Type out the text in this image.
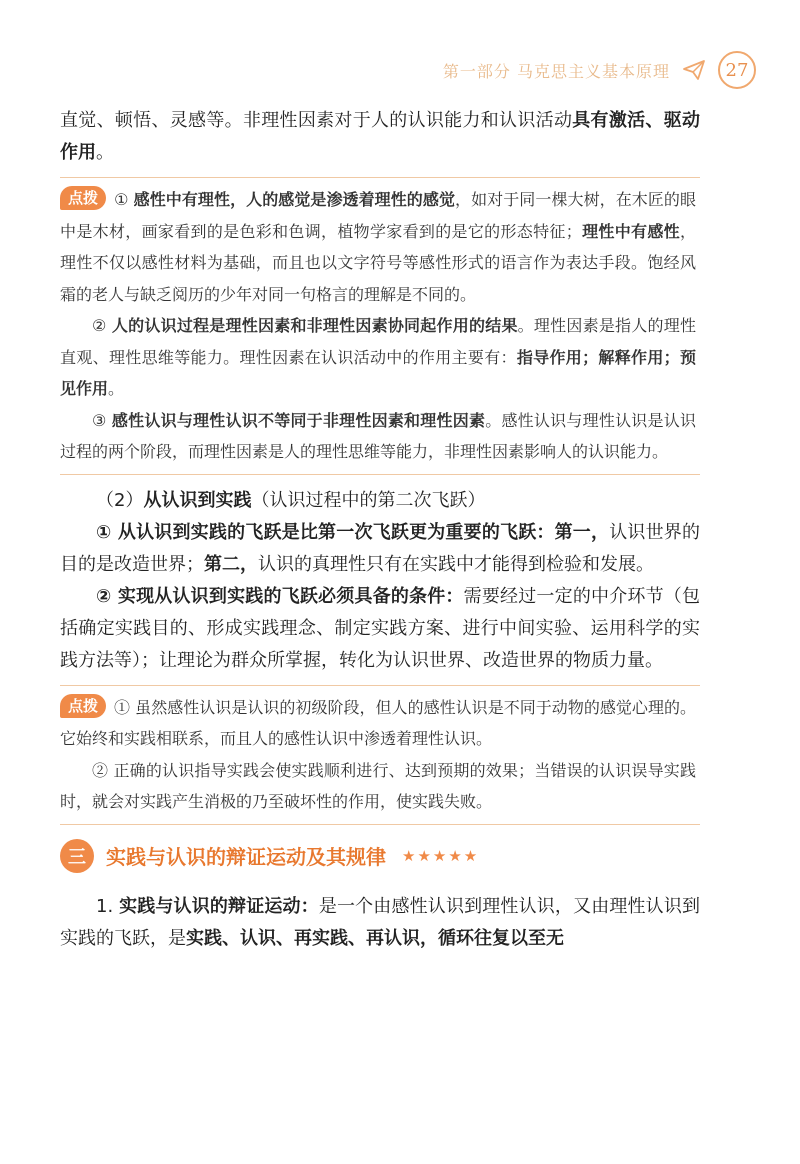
第一部分 马克思主义基本原理	27

直觉、顿悟、灵感等。非理性因素对于人的认识能力和认识活动具有激活、驱动作用。

点拨 ① 感性中有理性，人的感觉是渗透着理性的感觉，如对于同一棵大树，在木匠的眼中是木材，画家看到的是色彩和色调，植物学家看到的是它的形态特征；理性中有感性，理性不仅以感性材料为基础，而且也以文字符号等感性形式的语言作为表达手段。饱经风霜的老人与缺乏阅历的少年对同一句格言的理解是不同的。

② 人的认识过程是理性因素和非理性因素协同起作用的结果。理性因素是指人的理性直观、理性思维等能力。理性因素在认识活动中的作用主要有：指导作用；解释作用；预见作用。

③ 感性认识与理性认识不等同于非理性因素和理性因素。感性认识与理性认识是认识过程的两个阶段，而理性因素是人的理性思维等能力，非理性因素影响人的认识能力。

（2）从认识到实践（认识过程中的第二次飞跃）

① 从认识到实践的飞跃是比第一次飞跃更为重要的飞跃：第一，认识世界的目的是改造世界；第二，认识的真理性只有在实践中才能得到检验和发展。

② 实现从认识到实践的飞跃必须具备的条件：需要经过一定的中介环节（包括确定实践目的、形成实践理念、制定实践方案、进行中间实验、运用科学的实践方法等）；让理论为群众所掌握，转化为认识世界、改造世界的物质力量。

点拨 ① 虽然感性认识是认识的初级阶段，但人的感性认识是不同于动物的感觉心理的。它始终和实践相联系，而且人的感性认识中渗透着理性认识。

② 正确的认识指导实践会使实践顺利进行、达到预期的效果；当错误的认识误导实践时，就会对实践产生消极的乃至破坏性的作用，使实践失败。

三	实践与认识的辩证运动及其规律 ★★★★★

1. 实践与认识的辩证运动：是一个由感性认识到理性认识，又由理性认识到实践的飞跃，是实践、认识、再实践、再认识，循环往复以至无
